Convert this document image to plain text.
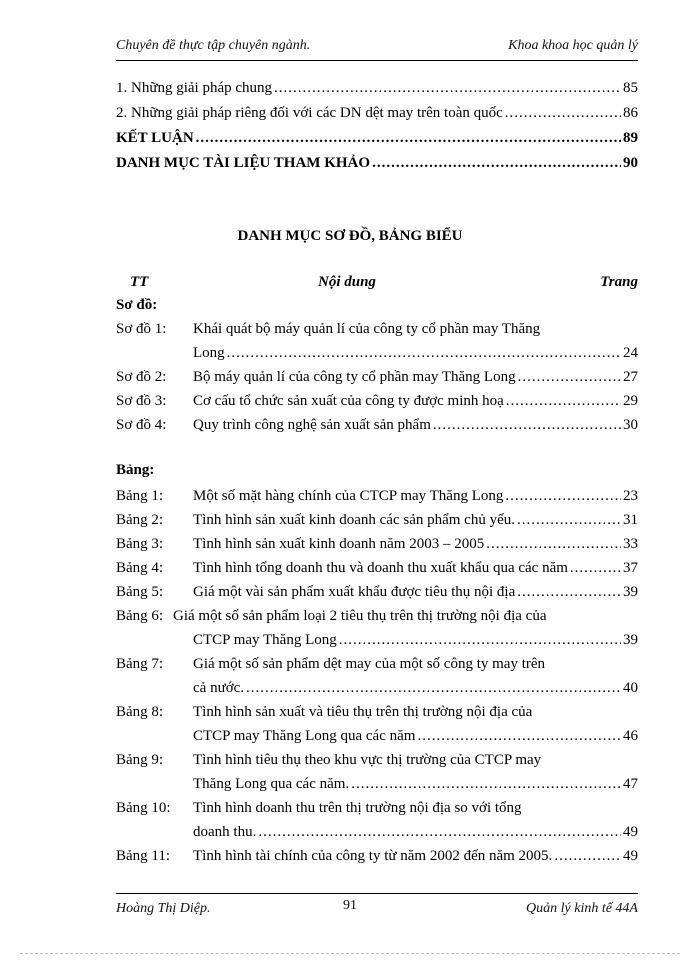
Chuyên đề thực tập chuyên ngành.	Khoa khoa học quản lý
1. Những giải pháp chung .....	85
2. Những giải pháp riêng đối với các DN dệt may trên toàn quốc .....	86
KẾT LUẬN .....	89
DANH MỤC TÀI LIỆU THAM KHẢO .....	90
DANH MỤC SƠ ĐỒ, BẢNG BIỂU
TT	Nội dung	Trang
Sơ đồ:
Sơ đồ 1: Khái quát bộ máy quản lí của công ty cổ phần may Thăng
Long .....	24
Sơ đồ 2: Bộ máy quản lí của công ty cổ phần may Thăng Long .....	27
Sơ đồ 3: Cơ cấu tổ chức sản xuất của công ty được minh hoạ .....	29
Sơ đồ 4: Quy trình công nghệ sản xuất sản phẩm .....	30
Bảng:
Bảng 1: Một số mặt hàng chính của CTCP may Thăng Long .....	23
Bảng 2: Tình hình sản xuất kinh doanh các sản phẩm chủ yếu. .....	31
Bảng 3: Tình hình sản xuất kinh doanh năm 2003 – 2005 .....	33
Bảng 4: Tình hình tổng doanh thu và doanh thu xuất khẩu qua các năm .....	37
Bảng 5: Giá một vài sản phẩm xuất khẩu được tiêu thụ nội địa .....	39
Bảng 6: Giá một số sản phẩm loại 2 tiêu thụ trên thị trường nội địa của
CTCP may Thăng Long .....	39
Bảng 7: Giá một số sản phẩm dệt may của một số công ty may trên
cả nước. .....	40
Bảng 8: Tình hình sản xuất và tiêu thụ trên thị trường nội địa của
CTCP may Thăng Long qua các năm .....	46
Bảng 9: Tình hình tiêu thụ theo khu vực thị trường của CTCP may
Thăng Long qua các năm. .....	47
Bảng 10: Tình hình doanh thu trên thị trường nội địa so với tổng
doanh thu. .....	49
Bảng 11: Tình hình tài chính của công ty từ năm 2002 đến năm 2005. .....	49
Hoàng Thị Diệp.	91	Quản lý kinh tế 44A
